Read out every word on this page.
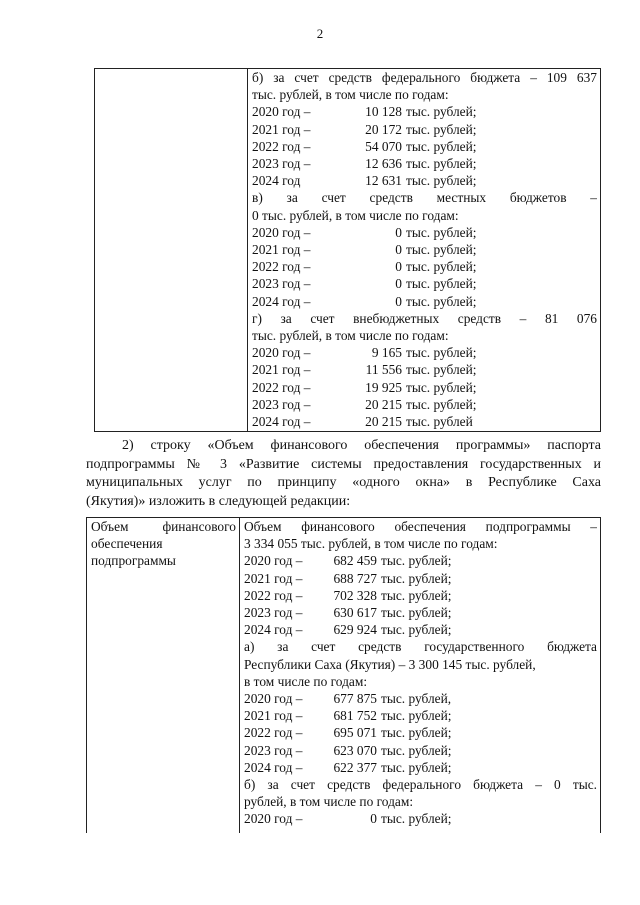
2

б) за счет средств федерального бюджета – 109 637
тыс. рублей, в том числе по годам:
2020 год –	10 128 тыс. рублей;
2021 год –	20 172 тыс. рублей;
2022 год –	54 070 тыс. рублей;
2023 год –	12 636 тыс. рублей;
2024 год	12 631 тыс. рублей;
в) за счет средств местных бюджетов –
0 тыс. рублей, в том числе по годам:
2020 год –	0 тыс. рублей;
2021 год –	0 тыс. рублей;
2022 год –	0 тыс. рублей;
2023 год –	0 тыс. рублей;
2024 год –	0 тыс. рублей;
г) за счет внебюджетных средств – 81 076
тыс. рублей, в том числе по годам:
2020 год –	9 165 тыс. рублей;
2021 год –	11 556 тыс. рублей;
2022 год –	19 925 тыс. рублей;
2023 год –	20 215 тыс. рублей;
2024 год –	20 215 тыс. рублей
2) строку «Объем финансового обеспечения программы» паспорта
подпрограммы № 3 «Развитие системы предоставления государственных и
муниципальных услуг по принципу «одного окна» в Республике Саха
(Якутия)» изложить в следующей редакции:
Объем финансового
обеспечения
подпрограммы

Объем финансового обеспечения подпрограммы –
3 334 055 тыс. рублей, в том числе по годам:
2020 год –	682 459 тыс. рублей;
2021 год –	688 727 тыс. рублей;
2022 год –	702 328 тыс. рублей;
2023 год –	630 617 тыс. рублей;
2024 год –	629 924 тыс. рублей;
а) за счет средств государственного бюджета
Республики Саха (Якутия) – 3 300 145 тыс. рублей,
в том числе по годам:
2020 год –	677 875 тыс. рублей,
2021 год –	681 752 тыс. рублей;
2022 год –	695 071 тыс. рублей;
2023 год –	623 070 тыс. рублей;
2024 год –	622 377 тыс. рублей;
б) за счет средств федерального бюджета – 0 тыс.
рублей, в том числе по годам:
2020 год –	0 тыс. рублей;
